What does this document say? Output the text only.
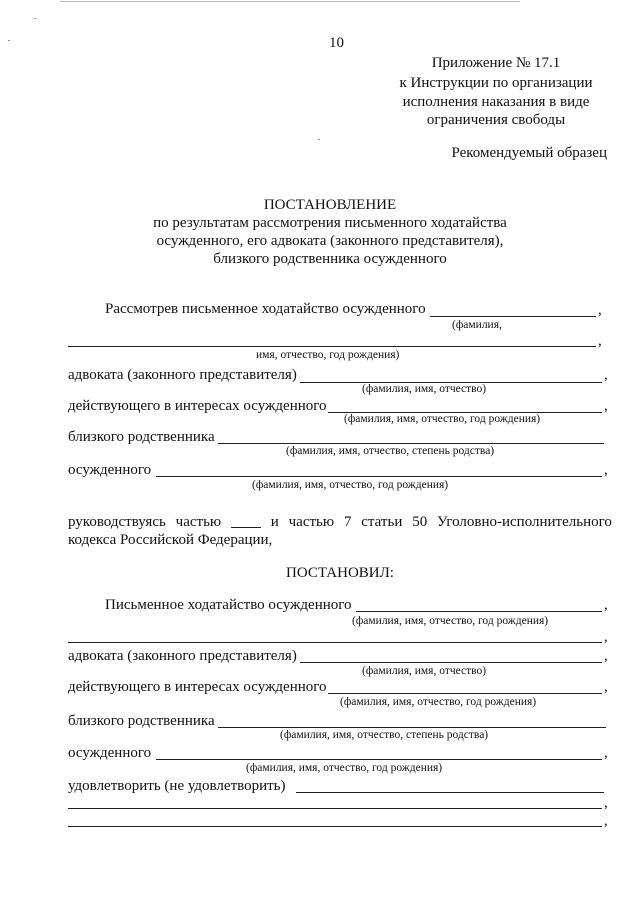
10
Приложение № 17.1
к Инструкции по организации
исполнения наказания в виде
ограничения свободы
Рекомендуемый образец
ПОСТАНОВЛЕНИЕ
по результатам рассмотрения письменного ходатайства
осужденного, его адвоката (законного представителя),
близкого родственника осужденного
Рассмотрев письменное ходатайство осужденного	,
(фамилия,
,
имя, отчество, год рождения)
адвоката (законного представителя)	,
(фамилия, имя, отчество)
действующего в интересах осужденного	,
(фамилия, имя, отчество, год рождения)
близкого родственника
(фамилия, имя, отчество, степень родства)
осужденного	,
(фамилия, имя, отчество, год рождения)
руководствуясь частью	и частью 7 статьи 50 Уголовно-исполнительного
кодекса Российской Федерации,
ПОСТАНОВИЛ:
Письменное ходатайство осужденного	,
(фамилия, имя, отчество, год рождения)
,
адвоката (законного представителя)	,
(фамилия, имя, отчество)
действующего в интересах осужденного	,
(фамилия, имя, отчество, год рождения)
близкого родственника
(фамилия, имя, отчество, степень родства)
осужденного	,
(фамилия, имя, отчество, год рождения)
удовлетворить (не удовлетворить)
,
,
